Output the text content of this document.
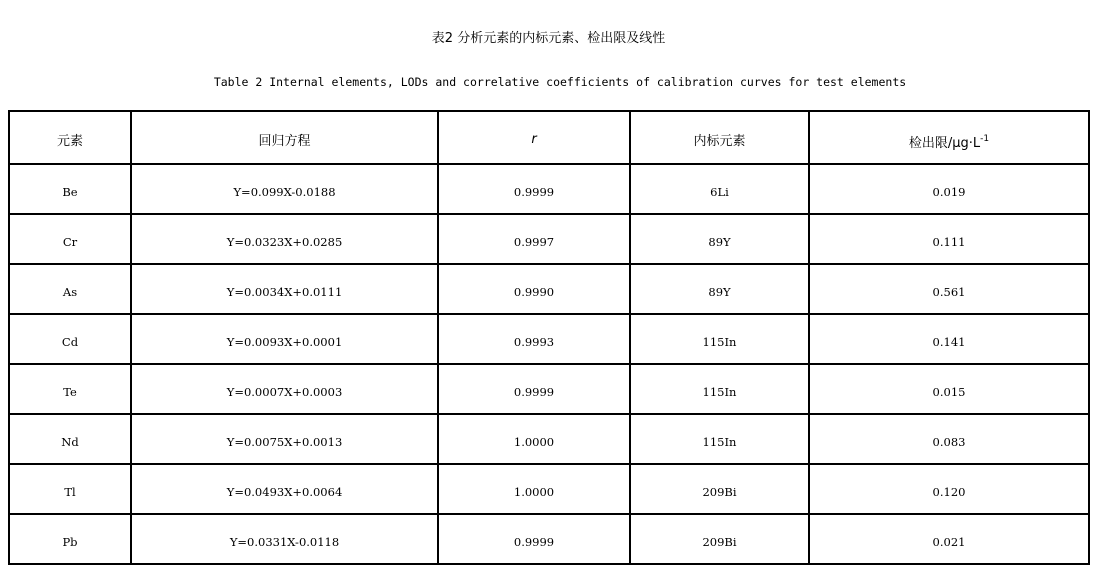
表2 分析元素的内标元素、检出限及线性

Table 2 Internal elements, LODs and correlative coefficients of calibration curves for test elements

元素	回归方程	r	内标元素	检出限$/\mu g\cdot L^{-1}$
Be	Y=0.099X-0.0188	0.9999	6Li	0.019
Cr	Y=0.0323X+0.0285	0.9997	89Y	0.111
As	Y=0.0034X+0.0111	0.9990	89Y	0.561
Cd	Y=0.0093X+0.0001	0.9993	115In	0.141
Te	Y=0.0007X+0.0003	0.9999	115In	0.015
Nd	Y=0.0075X+0.0013	1.0000	115In	0.083
Tl	Y=0.0493X+0.0064	1.0000	209Bi	0.120
Pb	Y=0.0331X-0.0118	0.9999	209Bi	0.021
